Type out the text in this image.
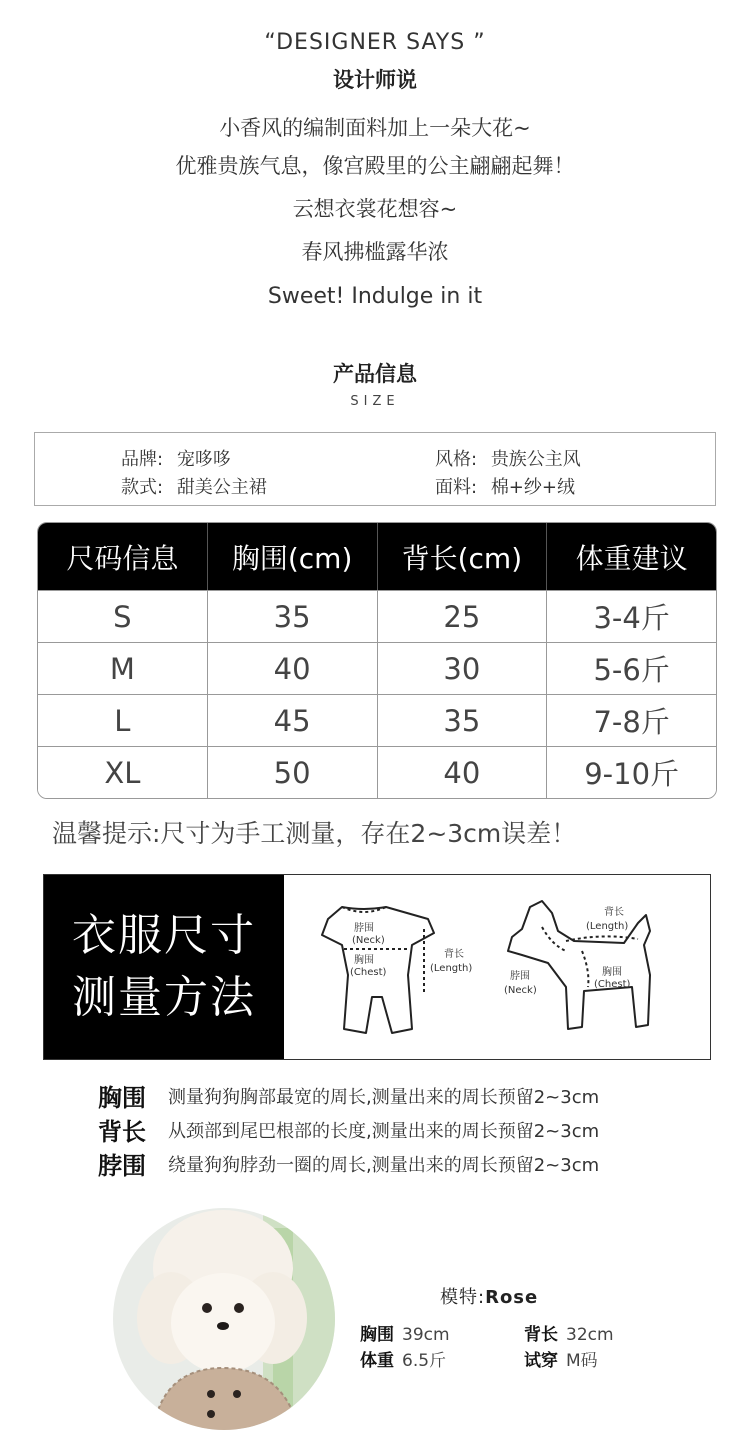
“DESIGNER SAYS ”
设计师说
小香风的编制面料加上一朵大花~
优雅贵族气息，像宫殿里的公主翩翩起舞！
云想衣裳花想容~
春风拂槛露华浓
Sweet! Indulge in it
产品信息
SIZE
品牌: 宠哆哆	风格: 贵族公主风
款式: 甜美公主裙	面料: 棉+纱+绒
尺码信息	胸围(cm)	背长(cm)	体重建议
S	35	25	3-4斤
M	40	30	5-6斤
L	45	35	7-8斤
XL	50	40	9-10斤
温馨提示:尺寸为手工测量，存在2~3cm误差！
衣服尺寸
测量方法
脖围
(Neck)
胸围
(Chest)
背长
(Length)
背长
(Length)
脖围
(Neck)
胸围
(Chest)
胸围	测量狗狗胸部最宽的周长,测量出来的周长预留2~3cm
背长	从颈部到尾巴根部的长度,测量出来的周长预留2~3cm
脖围	绕量狗狗脖劲一圈的周长,测量出来的周长预留2~3cm
模特:Rose
胸围 39cm	背长 32cm
体重 6.5斤	试穿 M码
